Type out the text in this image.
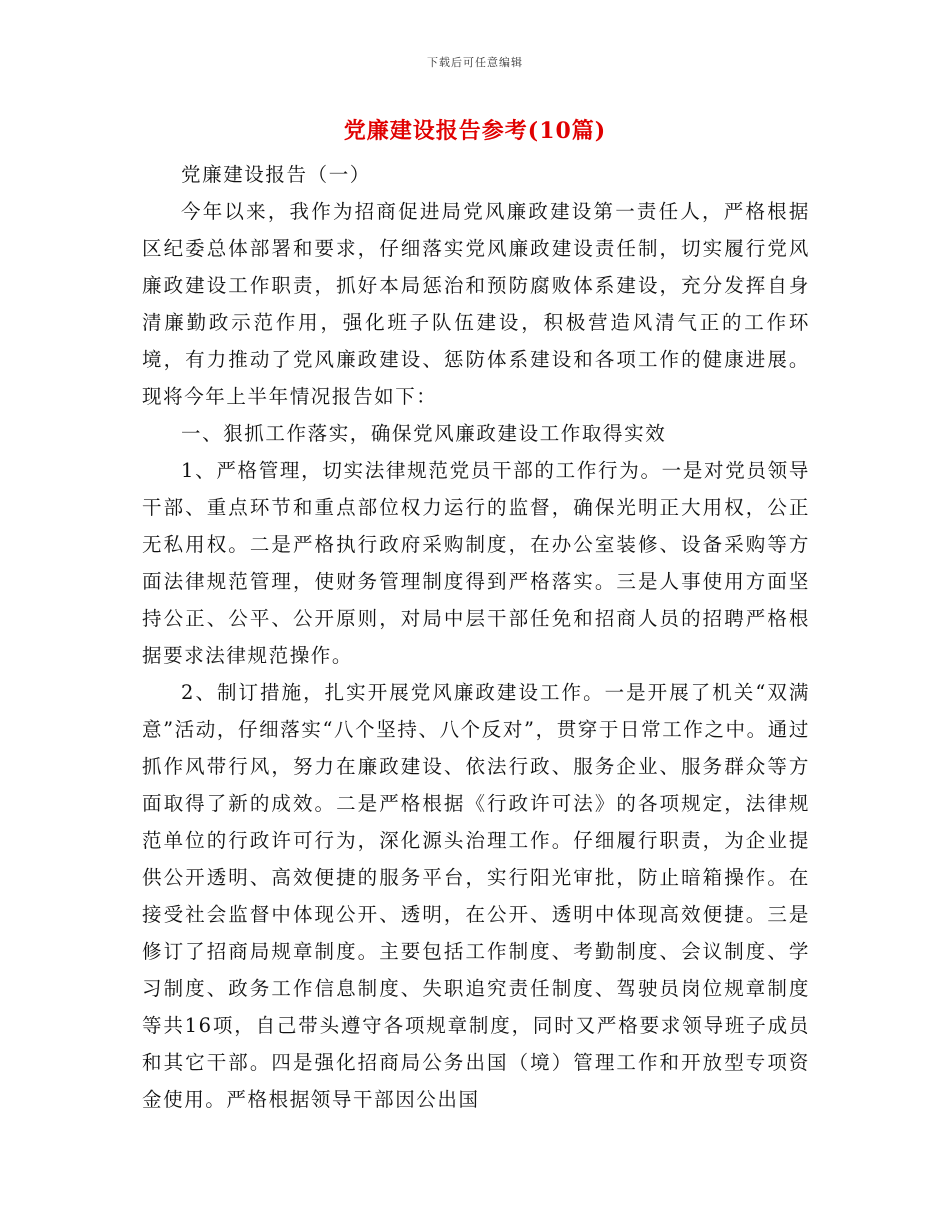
下载后可任意编辑
党廉建设报告参考(10篇)

党廉建设报告（一）

今年以来，我作为招商促进局党风廉政建设第一责任人，严格根据区纪委总体部署和要求，仔细落实党风廉政建设责任制，切实履行党风廉政建设工作职责，抓好本局惩治和预防腐败体系建设，充分发挥自身清廉勤政示范作用，强化班子队伍建设，积极营造风清气正的工作环境，有力推动了党风廉政建设、惩防体系建设和各项工作的健康进展。现将今年上半年情况报告如下：

一、狠抓工作落实，确保党风廉政建设工作取得实效

1、严格管理，切实法律规范党员干部的工作行为。一是对党员领导干部、重点环节和重点部位权力运行的监督，确保光明正大用权，公正无私用权。二是严格执行政府采购制度，在办公室装修、设备采购等方面法律规范管理，使财务管理制度得到严格落实。三是人事使用方面坚持公正、公平、公开原则，对局中层干部任免和招商人员的招聘严格根据要求法律规范操作。

2、制订措施，扎实开展党风廉政建设工作。一是开展了机关“双满意”活动，仔细落实“八个坚持、八个反对”，贯穿于日常工作之中。通过抓作风带行风，努力在廉政建设、依法行政、服务企业、服务群众等方面取得了新的成效。二是严格根据《行政许可法》的各项规定，法律规范单位的行政许可行为，深化源头治理工作。仔细履行职责，为企业提供公开透明、高效便捷的服务平台，实行阳光审批，防止暗箱操作。在接受社会监督中体现公开、透明，在公开、透明中体现高效便捷。三是修订了招商局规章制度。主要包括工作制度、考勤制度、会议制度、学习制度、政务工作信息制度、失职追究责任制度、驾驶员岗位规章制度等共16项，自己带头遵守各项规章制度，同时又严格要求领导班子成员和其它干部。四是强化招商局公务出国（境）管理工作和开放型专项资金使用。严格根据领导干部因公出国
